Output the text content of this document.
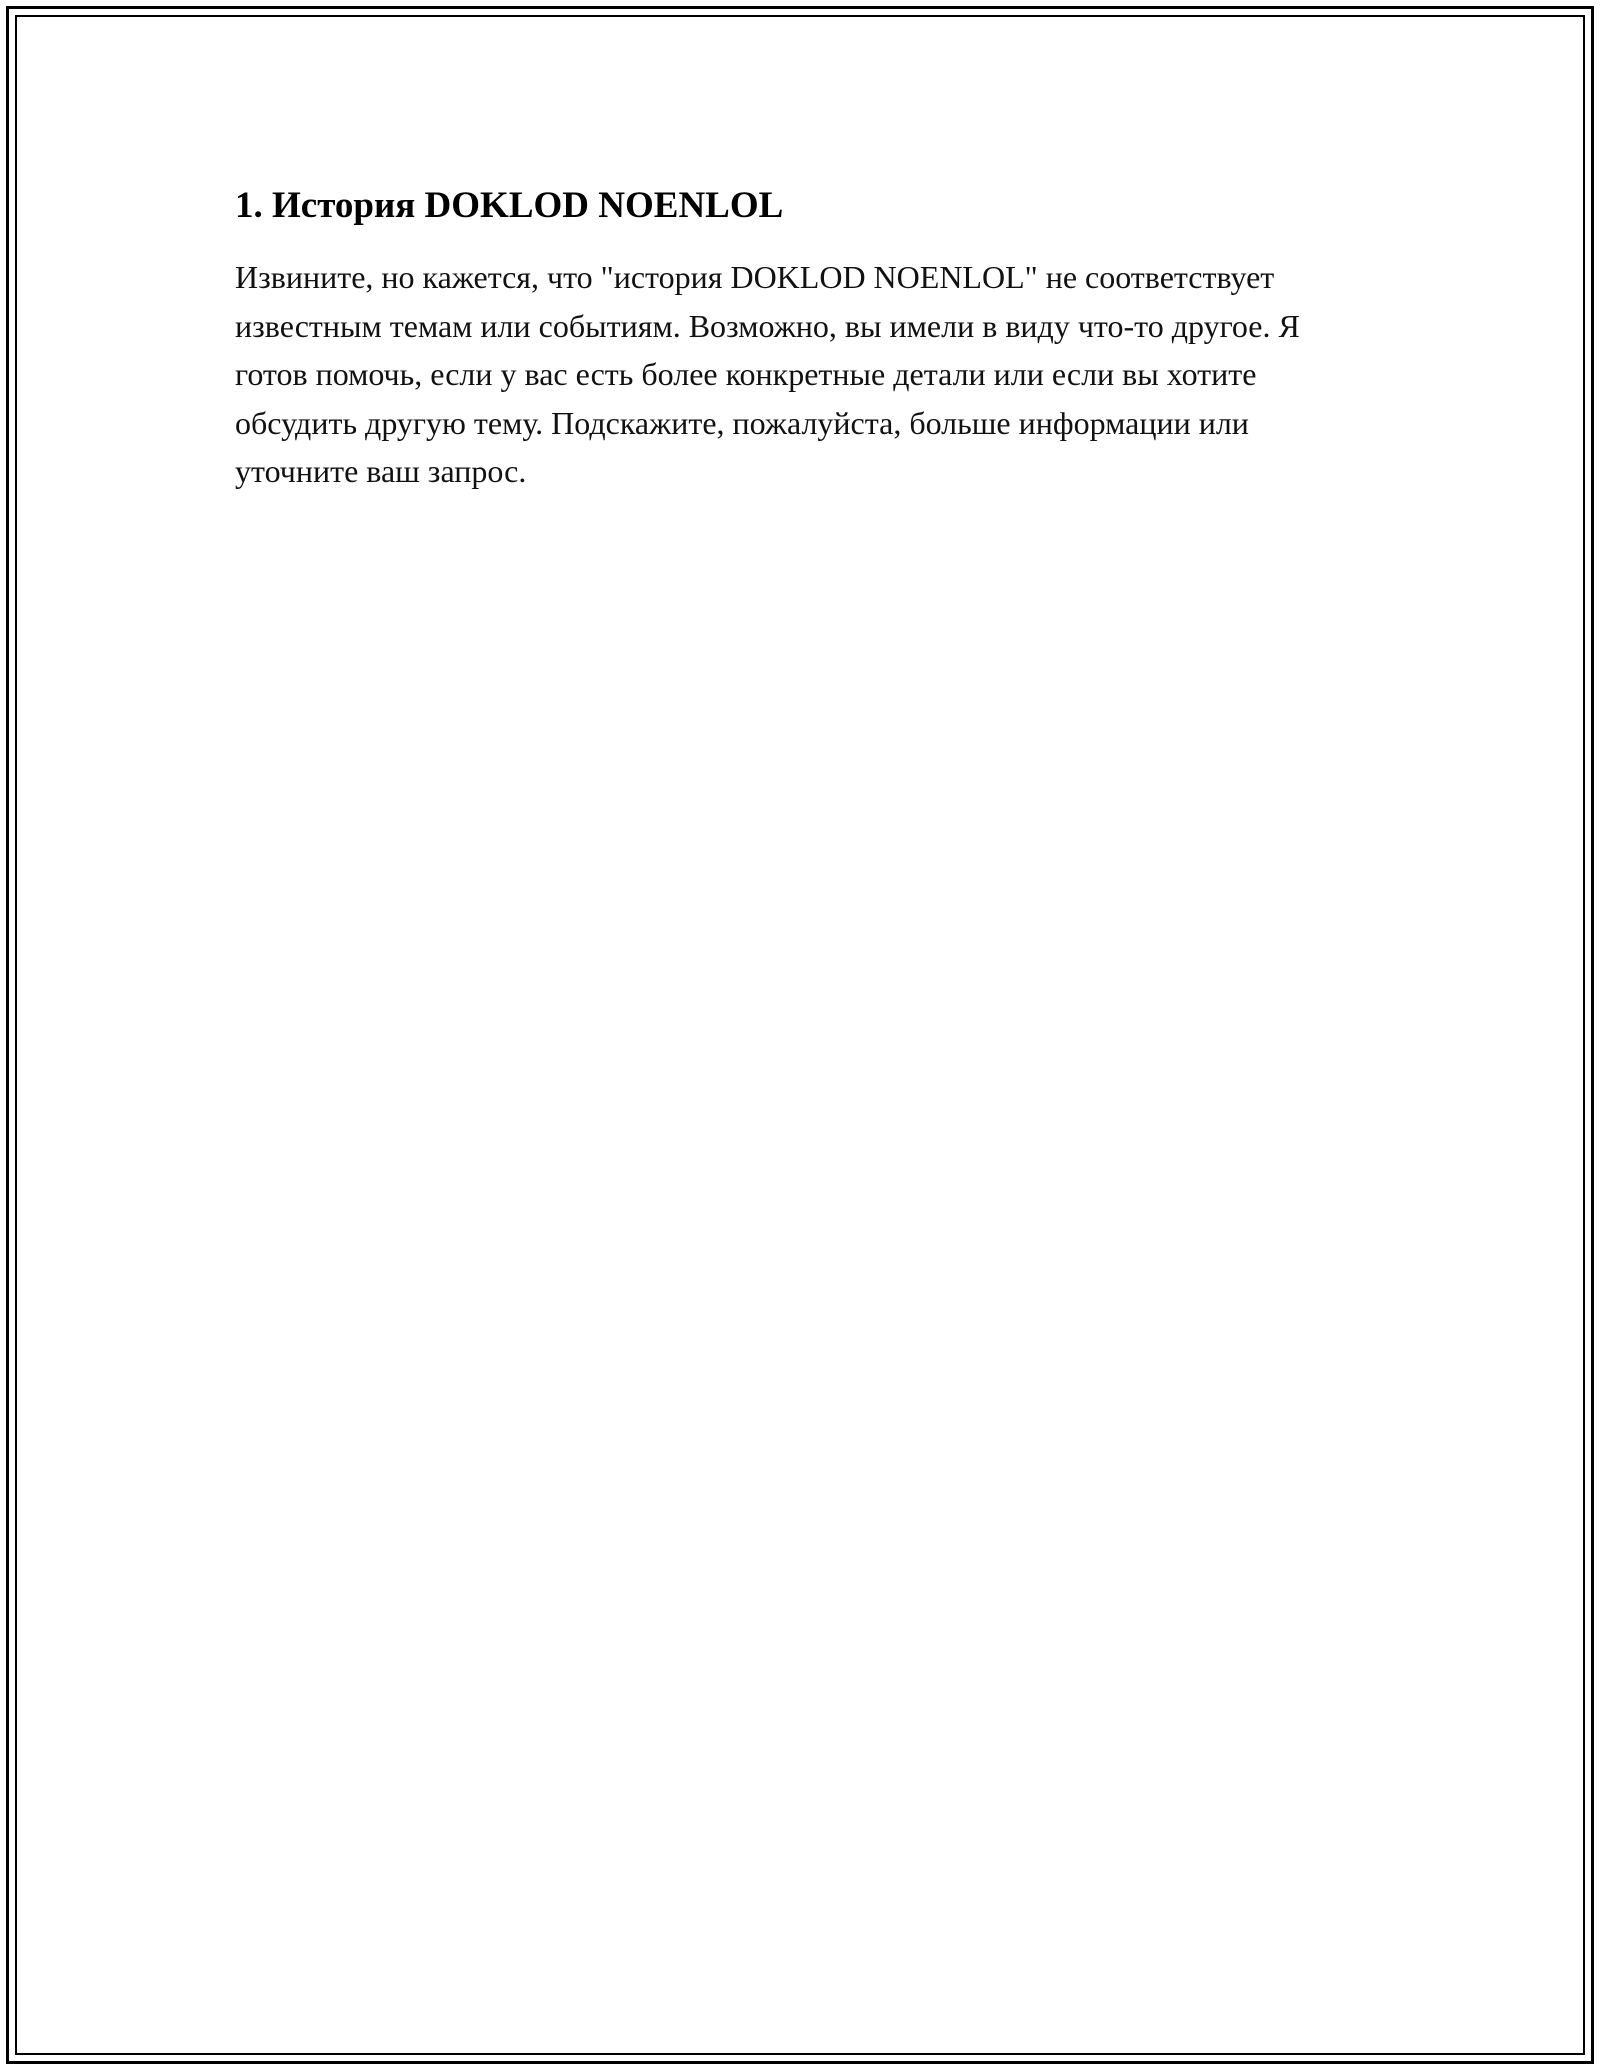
1. История DOKLOD NOENLOL

Извините, но кажется, что "история DOKLOD NOENLOL" не соответствует известным темам или событиям. Возможно, вы имели в виду что-то другое. Я готов помочь, если у вас есть более конкретные детали или если вы хотите обсудить другую тему. Подскажите, пожалуйста, больше информации или уточните ваш запрос.
